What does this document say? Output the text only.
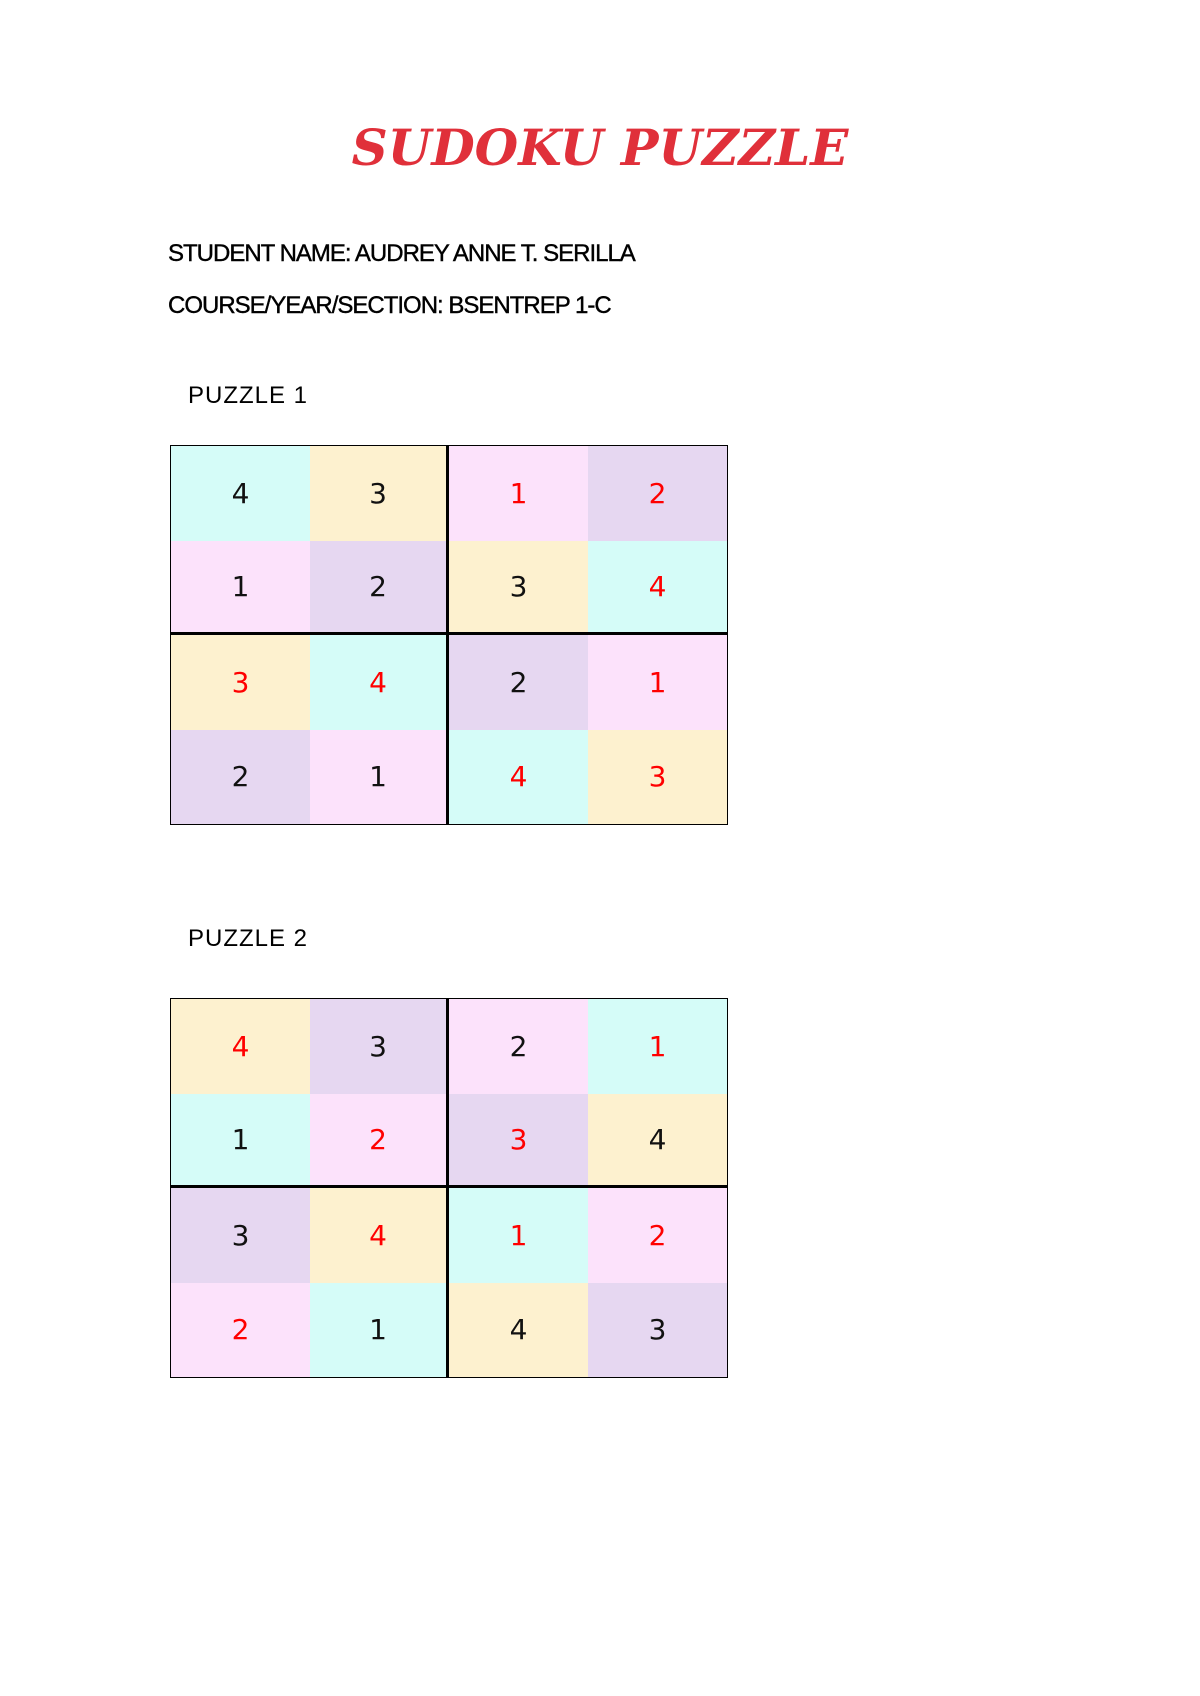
SUDOKU PUZZLE
STUDENT NAME: AUDREY ANNE T. SERILLA
COURSE/YEAR/SECTION: BSENTREP 1-C
PUZZLE 1
4	3	1	2
1	2	3	4
3	4	2	1
2	1	4	3
PUZZLE 2
4	3	2	1
1	2	3	4
3	4	1	2
2	1	4	3
